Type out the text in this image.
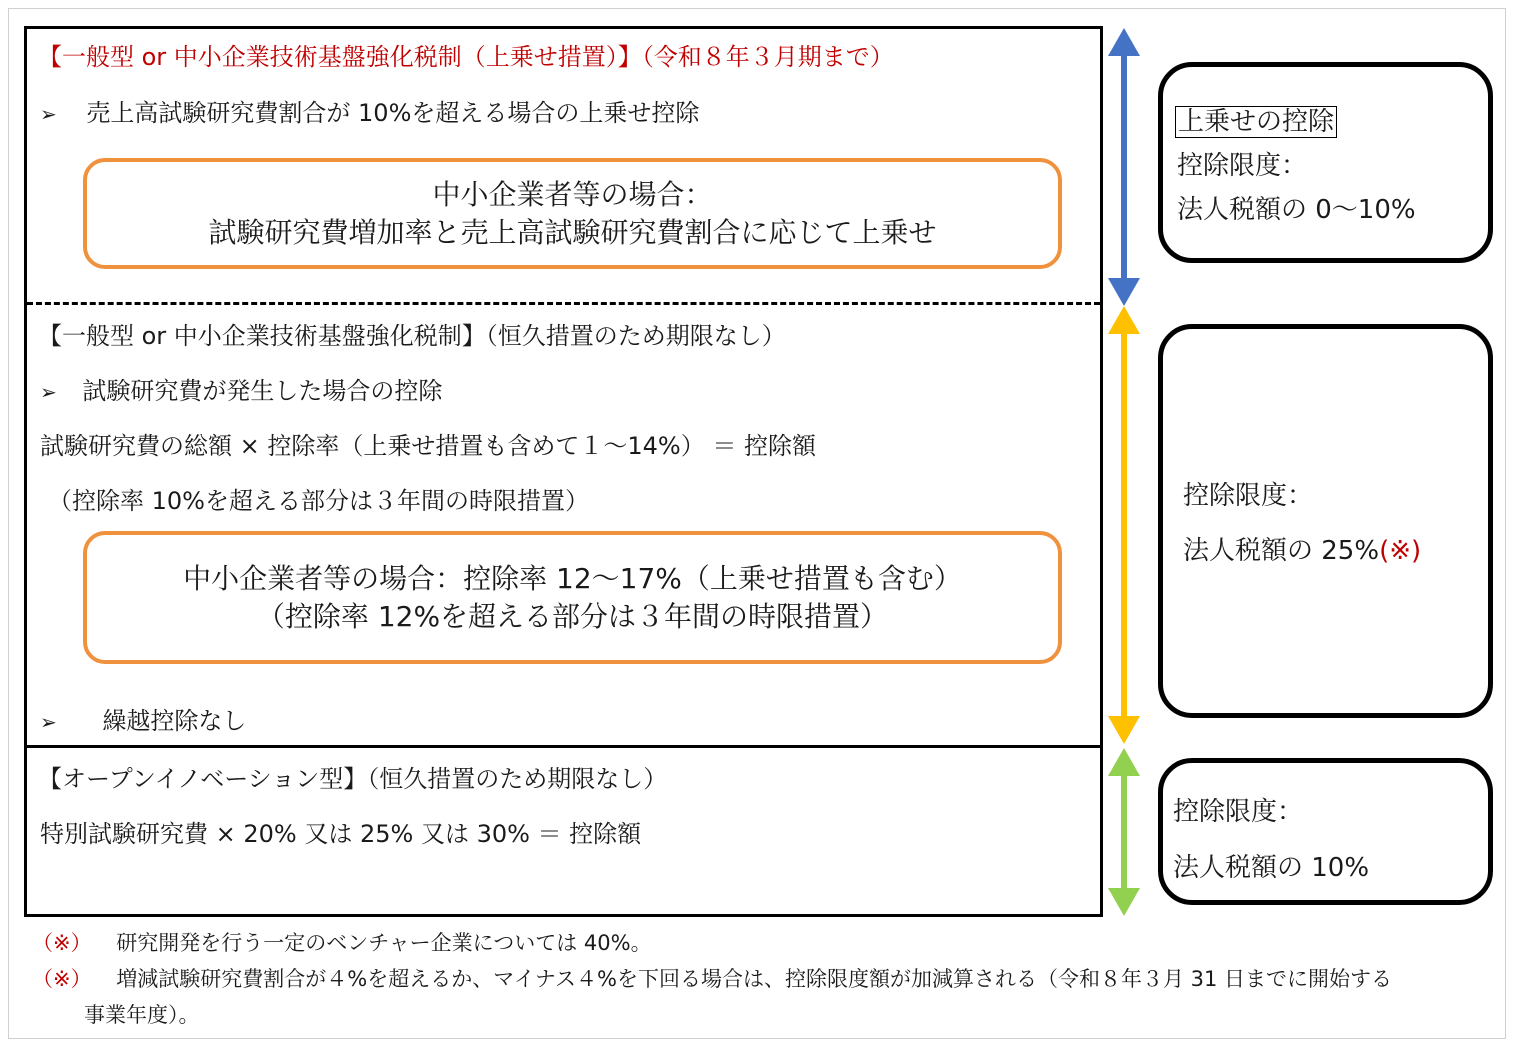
【一般型 or 中小企業技術基盤強化税制（上乗せ措置）】（令和８年３月期まで）
➢ 売上高試験研究費割合が 10%を超える場合の上乗せ控除
中小企業者等の場合：
試験研究費増加率と売上高試験研究費割合に応じて上乗せ
【一般型 or 中小企業技術基盤強化税制】（恒久措置のため期限なし）
➢ 試験研究費が発生した場合の控除
試験研究費の総額 × 控除率（上乗せ措置も含めて１～14%） ＝ 控除額
（控除率 10%を超える部分は３年間の時限措置）
中小企業者等の場合：控除率 12～17%（上乗せ措置も含む）
（控除率 12%を超える部分は３年間の時限措置）
➢ 繰越控除なし
【オープンイノベーション型】（恒久措置のため期限なし）
特別試験研究費 × 20% 又は 25% 又は 30% ＝ 控除額
上乗せの控除
控除限度：
法人税額の 0～10%
控除限度：
法人税額の 25%(※)
控除限度：
法人税額の 10%
（※） 研究開発を行う一定のベンチャー企業については 40%。
（※） 増減試験研究費割合が４%を超えるか、マイナス４%を下回る場合は、控除限度額が加減算される（令和８年３月 31 日までに開始する
事業年度）。
